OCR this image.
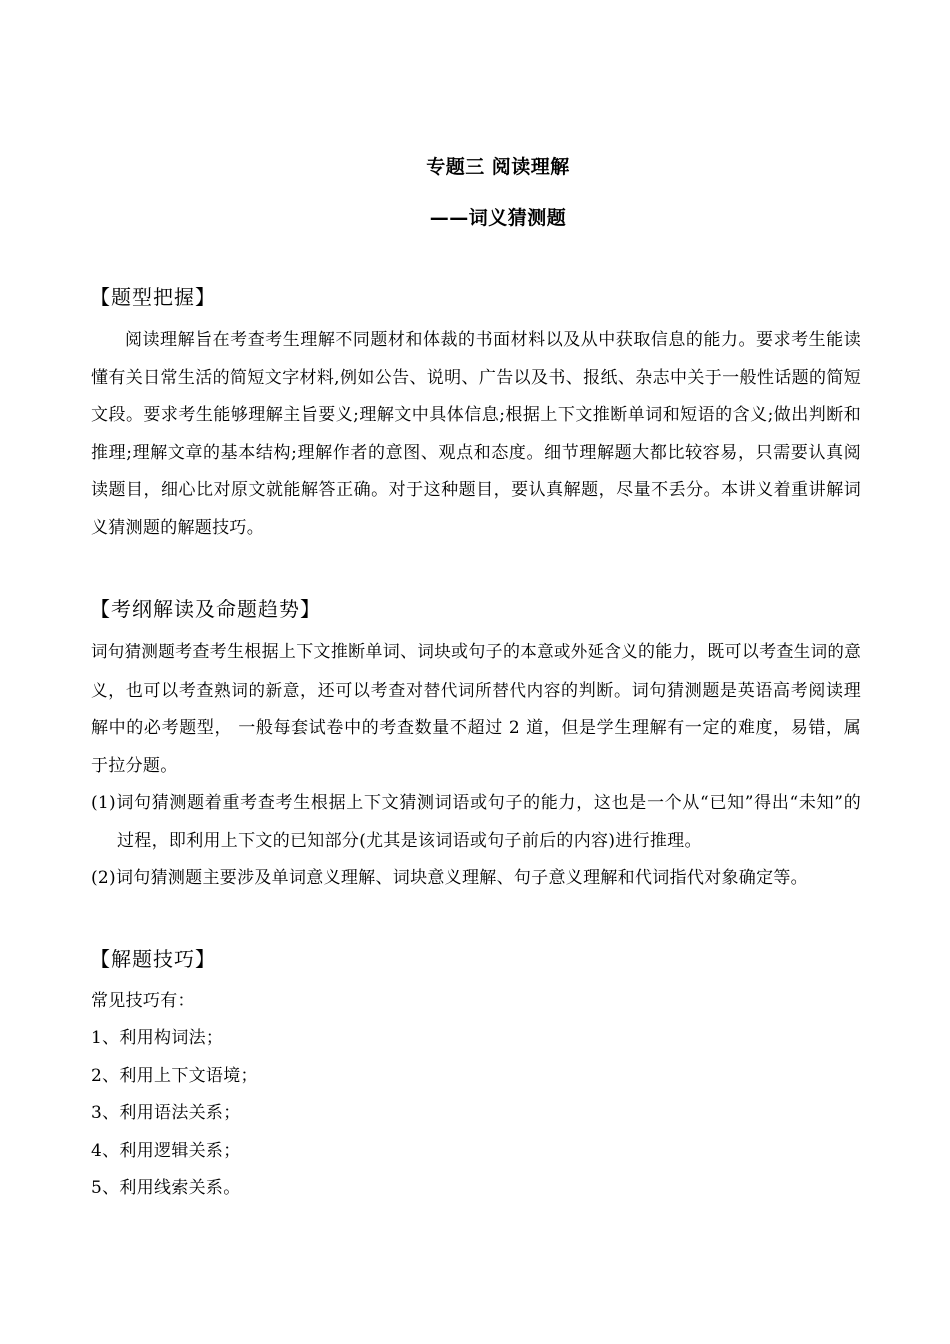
专题三 阅读理解
——词义猜测题
【题型把握】

阅读理解旨在考查考生理解不同题材和体裁的书面材料以及从中获取信息的能力。要求考生能读懂有关日常生活的简短文字材料,例如公告、说明、广告以及书、报纸、杂志中关于一般性话题的简短文段。要求考生能够理解主旨要义;理解文中具体信息;根据上下文推断单词和短语的含义;做出判断和推理;理解文章的基本结构;理解作者的意图、观点和态度。细节理解题大都比较容易，只需要认真阅读题目，细心比对原文就能解答正确。对于这种题目，要认真解题，尽量不丢分。本讲义着重讲解词义猜测题的解题技巧。

【考纲解读及命题趋势】

词句猜测题考查考生根据上下文推断单词、词块或句子的本意或外延含义的能力，既可以考查生词的意义，也可以考查熟词的新意，还可以考查对替代词所替代内容的判断。词句猜测题是英语高考阅读理解中的必考题型， 一般每套试卷中的考查数量不超过 2 道，但是学生理解有一定的难度，易错，属于拉分题。

(1)词句猜测题着重考查考生根据上下文猜测词语或句子的能力，这也是一个从“已知”得出“未知”的过程，即利用上下文的已知部分(尤其是该词语或句子前后的内容)进行推理。

(2)词句猜测题主要涉及单词意义理解、词块意义理解、句子意义理解和代词指代对象确定等。

【解题技巧】
常见技巧有：
1、利用构词法；
2、利用上下文语境；
3、利用语法关系；
4、利用逻辑关系；
5、利用线索关系。
